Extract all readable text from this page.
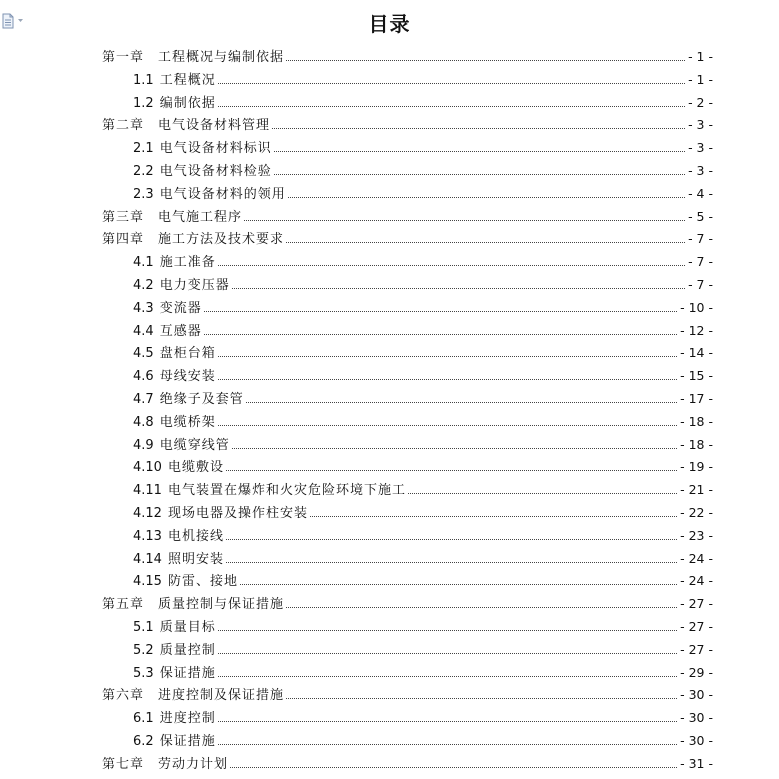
目录
第一章 工程概况与编制依据	- 1 -
1.1 工程概况	- 1 -
1.2 编制依据	- 2 -
第二章 电气设备材料管理	- 3 -
2.1 电气设备材料标识	- 3 -
2.2 电气设备材料检验	- 3 -
2.3 电气设备材料的领用	- 4 -
第三章 电气施工程序	- 5 -
第四章 施工方法及技术要求	- 7 -
4.1 施工准备	- 7 -
4.2 电力变压器	- 7 -
4.3 变流器	- 10 -
4.4 互感器	- 12 -
4.5 盘柜台箱	- 14 -
4.6 母线安装	- 15 -
4.7 绝缘子及套管	- 17 -
4.8 电缆桥架	- 18 -
4.9 电缆穿线管	- 18 -
4.10 电缆敷设	- 19 -
4.11 电气装置在爆炸和火灾危险环境下施工	- 21 -
4.12 现场电器及操作柱安装	- 22 -
4.13 电机接线	- 23 -
4.14 照明安装	- 24 -
4.15 防雷、接地	- 24 -
第五章 质量控制与保证措施	- 27 -
5.1 质量目标	- 27 -
5.2 质量控制	- 27 -
5.3 保证措施	- 29 -
第六章 进度控制及保证措施	- 30 -
6.1 进度控制	- 30 -
6.2 保证措施	- 30 -
第七章 劳动力计划	- 31 -
